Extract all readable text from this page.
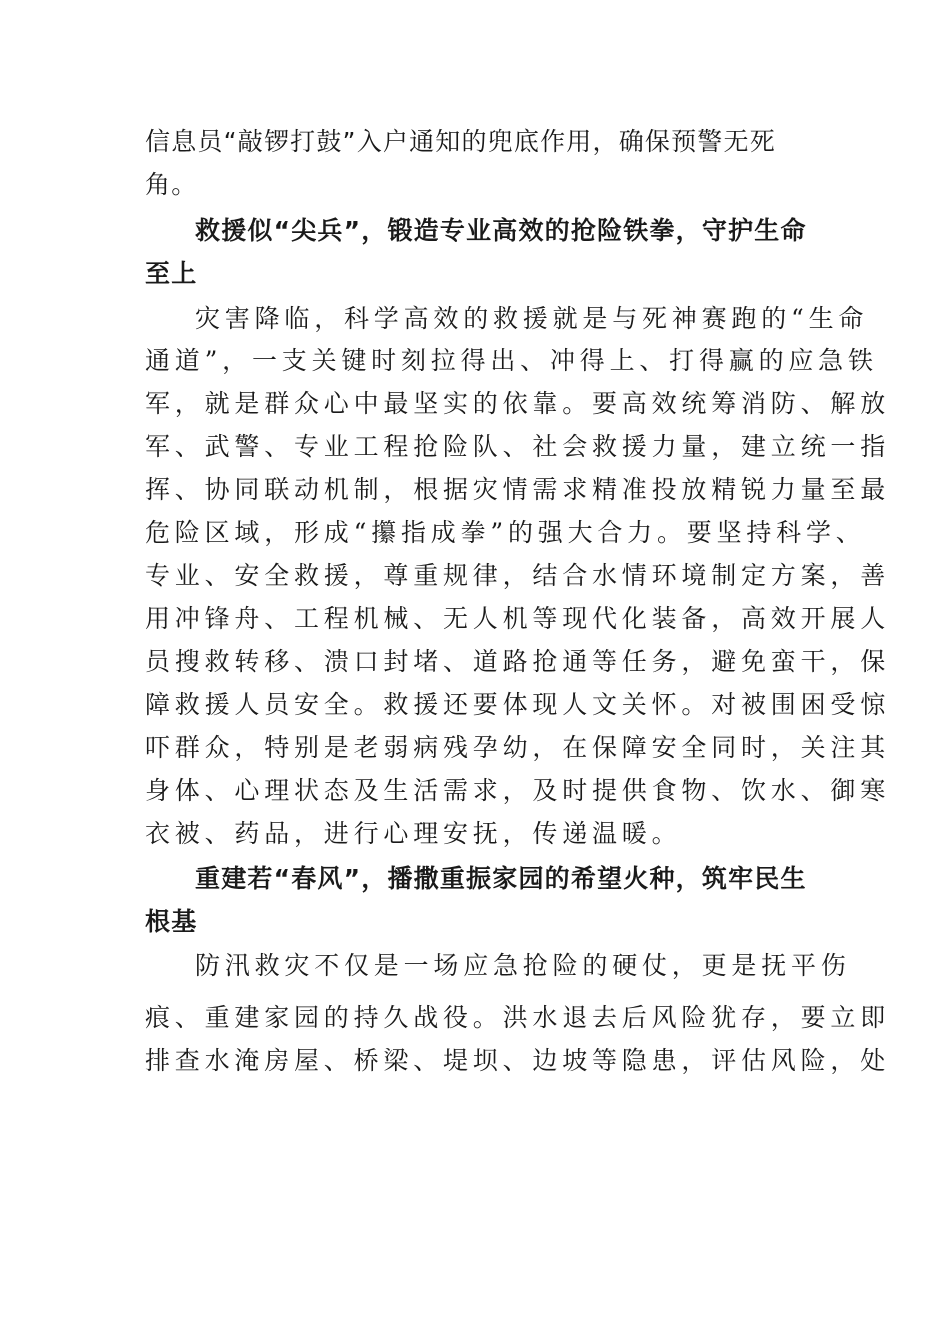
信息员“敲锣打鼓”入户通知的兜底作用，确保预警无死
角。
救援似“尖兵”，锻造专业高效的抢险铁拳，守护生命
至上
灾害降临，科学高效的救援就是与死神赛跑的“生命
通道”，一支关键时刻拉得出、冲得上、打得赢的应急铁
军，就是群众心中最坚实的依靠。要高效统筹消防、解放
军、武警、专业工程抢险队、社会救援力量，建立统一指
挥、协同联动机制，根据灾情需求精准投放精锐力量至最
危险区域，形成“攥指成拳”的强大合力。要坚持科学、
专业、安全救援，尊重规律，结合水情环境制定方案，善
用冲锋舟、工程机械、无人机等现代化装备，高效开展人
员搜救转移、溃口封堵、道路抢通等任务，避免蛮干，保
障救援人员安全。救援还要体现人文关怀。对被围困受惊
吓群众，特别是老弱病残孕幼，在保障安全同时，关注其
身体、心理状态及生活需求，及时提供食物、饮水、御寒
衣被、药品，进行心理安抚，传递温暖。
重建若“春风”，播撒重振家园的希望火种，筑牢民生
根基
防汛救灾不仅是一场应急抢险的硬仗，更是抚平伤
痕、重建家园的持久战役。洪水退去后风险犹存，要立即
排查水淹房屋、桥梁、堤坝、边坡等隐患，评估风险，处
